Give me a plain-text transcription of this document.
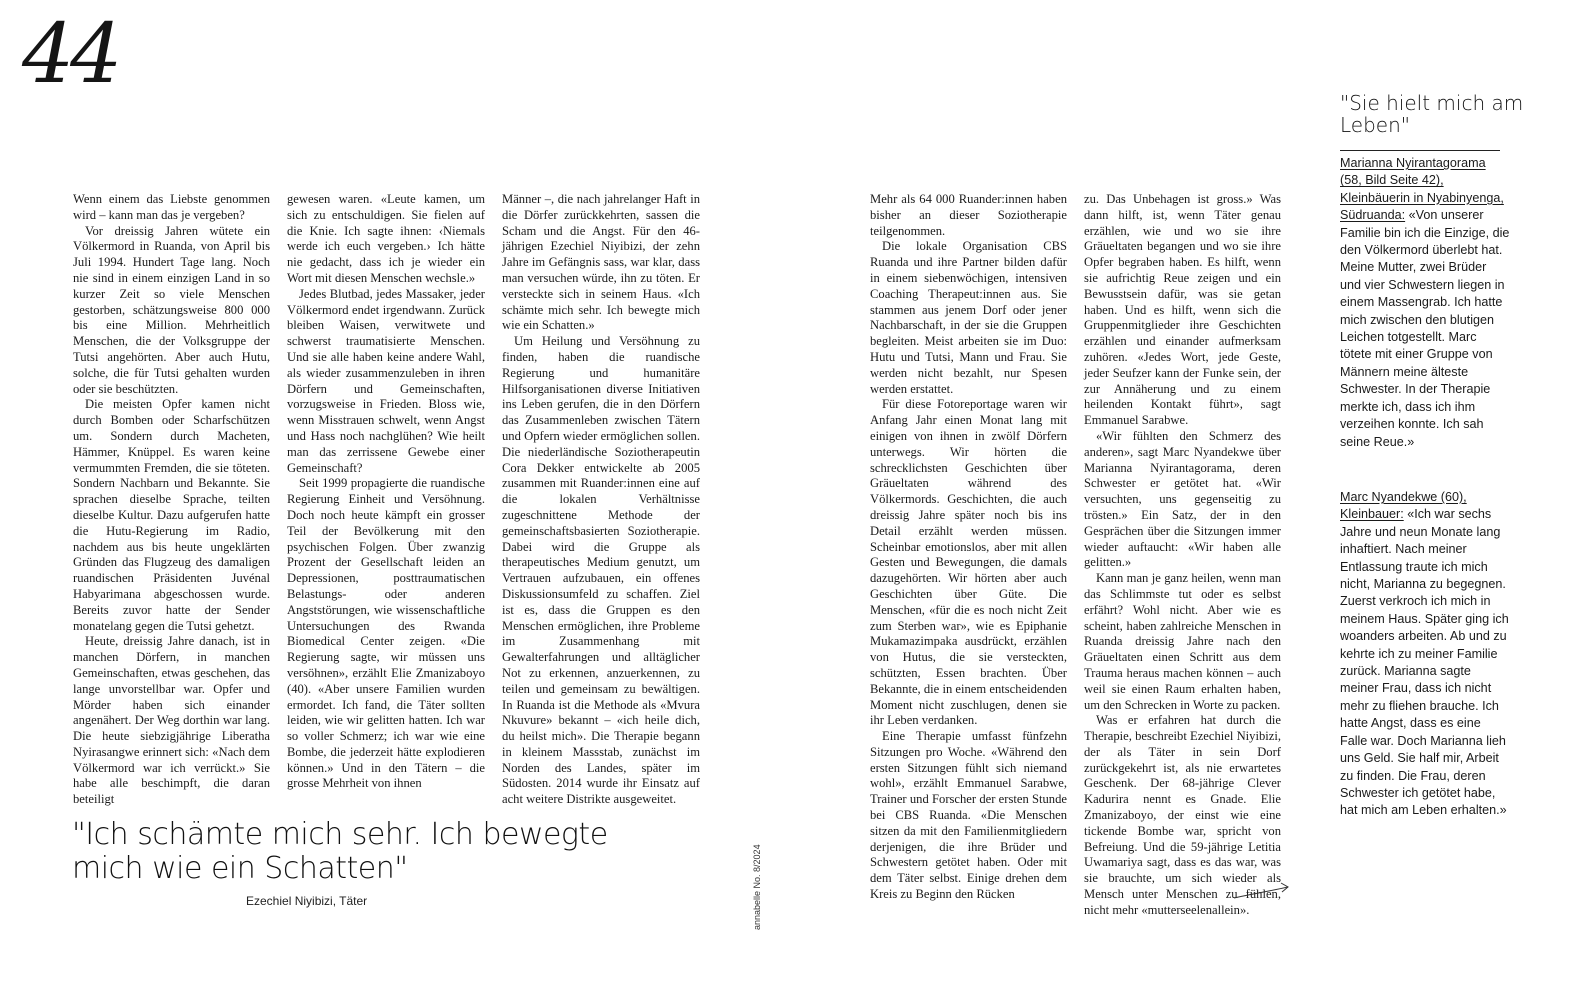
44

Wenn einem das Liebste genommen wird – kann man das je vergeben?

Vor dreissig Jahren wütete ein Völkermord in Ruanda, von April bis Juli 1994. Hundert Tage lang. Noch nie sind in einem einzigen Land in so kurzer Zeit so viele Menschen gestorben, schätzungsweise 800 000 bis eine Million. Mehrheitlich Menschen, die der Volksgruppe der Tutsi angehörten. Aber auch Hutu, solche, die für Tutsi gehalten wurden oder sie beschützten.

Die meisten Opfer kamen nicht durch Bomben oder Scharfschützen um. Sondern durch Macheten, Hämmer, Knüppel. Es waren keine vermummten Fremden, die sie töteten. Sondern Nachbarn und Bekannte. Sie sprachen dieselbe Sprache, teilten dieselbe Kultur. Dazu aufgerufen hatte die Hutu-Regierung im Radio, nachdem aus bis heute ungeklärten Gründen das Flugzeug des damaligen ruandischen Präsidenten Juvénal Habyarimana abgeschossen wurde. Bereits zuvor hatte der Sender monatelang gegen die Tutsi gehetzt.

Heute, dreissig Jahre danach, ist in manchen Dörfern, in manchen Gemeinschaften, etwas geschehen, das lange unvorstellbar war. Opfer und Mörder haben sich einander angenähert. Der Weg dorthin war lang. Die heute siebzigjährige Liberatha Nyirasangwe erinnert sich: «Nach dem Völkermord war ich verrückt.» Sie habe alle beschimpft, die daran beteiligt

gewesen waren. «Leute kamen, um sich zu entschuldigen. Sie fielen auf die Knie. Ich sagte ihnen: ‹Niemals werde ich euch vergeben.› Ich hätte nie gedacht, dass ich je wieder ein Wort mit diesen Menschen wechsle.»

Jedes Blutbad, jedes Massaker, jeder Völkermord endet irgendwann. Zurück bleiben Waisen, verwitwete und schwerst traumatisierte Menschen. Und sie alle haben keine andere Wahl, als wieder zusammenzuleben in ihren Dörfern und Gemeinschaften, vorzugsweise in Frieden. Bloss wie, wenn Misstrauen schwelt, wenn Angst und Hass noch nachglühen? Wie heilt man das zerrissene Gewebe einer Gemeinschaft?

Seit 1999 propagierte die ruandische Regierung Einheit und Versöhnung. Doch noch heute kämpft ein grosser Teil der Bevölkerung mit den psychischen Folgen. Über zwanzig Prozent der Gesellschaft leiden an Depressionen, posttraumatischen Belastungs- oder anderen Angststörungen, wie wissenschaftliche Untersuchungen des Rwanda Biomedical Center zeigen. «Die Regierung sagte, wir müssen uns versöhnen», erzählt Elie Zmanizaboyo (40). «Aber unsere Familien wurden ermordet. Ich fand, die Täter sollten leiden, wie wir gelitten hatten. Ich war so voller Schmerz; ich war wie eine Bombe, die jederzeit hätte explodieren können.» Und in den Tätern – die grosse Mehrheit von ihnen

Männer –, die nach jahrelanger Haft in die Dörfer zurückkehrten, sassen die Scham und die Angst. Für den 46-jährigen Ezechiel Niyibizi, der zehn Jahre im Gefängnis sass, war klar, dass man versuchen würde, ihn zu töten. Er versteckte sich in seinem Haus. «Ich schämte mich sehr. Ich bewegte mich wie ein Schatten.»

Um Heilung und Versöhnung zu finden, haben die ruandische Regierung und humanitäre Hilfsorganisationen diverse Initiativen ins Leben gerufen, die in den Dörfern das Zusammenleben zwischen Tätern und Opfern wieder ermöglichen sollen. Die niederländische Soziotherapeutin Cora Dekker entwickelte ab 2005 zusammen mit Ruander:innen eine auf die lokalen Verhältnisse zugeschnittene Methode der gemeinschaftsbasierten Soziotherapie. Dabei wird die Gruppe als therapeutisches Medium genutzt, um Vertrauen aufzubauen, ein offenes Diskussionsumfeld zu schaffen. Ziel ist es, dass die Gruppen es den Menschen ermöglichen, ihre Probleme im Zusammenhang mit Gewalterfahrungen und alltäglicher Not zu erkennen, anzuerkennen, zu teilen und gemeinsam zu bewältigen. In Ruanda ist die Methode als «Mvura Nkuvure» bekannt – «ich heile dich, du heilst mich». Die Therapie begann in kleinem Massstab, zunächst im Norden des Landes, später im Südosten. 2014 wurde ihr Einsatz auf acht weitere Distrikte ausgeweitet.

Mehr als 64 000 Ruander:innen haben bisher an dieser Soziotherapie teilgenommen.

Die lokale Organisation CBS Ruanda und ihre Partner bilden dafür in einem siebenwöchigen, intensiven Coaching Therapeut:innen aus. Sie stammen aus jenem Dorf oder jener Nachbarschaft, in der sie die Gruppen begleiten. Meist arbeiten sie im Duo: Hutu und Tutsi, Mann und Frau. Sie werden nicht bezahlt, nur Spesen werden erstattet.

Für diese Fotoreportage waren wir Anfang Jahr einen Monat lang mit einigen von ihnen in zwölf Dörfern unterwegs. Wir hörten die schrecklichsten Geschichten über Gräueltaten während des Völkermords. Geschichten, die auch dreissig Jahre später noch bis ins Detail erzählt werden müssen. Scheinbar emotionslos, aber mit allen Gesten und Bewegungen, die damals dazugehörten. Wir hörten aber auch Geschichten über Güte. Die Menschen, «für die es noch nicht Zeit zum Sterben war», wie es Epiphanie Mukamazimpaka ausdrückt, erzählen von Hutus, die sie versteckten, schützten, Essen brachten. Über Bekannte, die in einem entscheidenden Moment nicht zuschlugen, denen sie ihr Leben verdanken.

Eine Therapie umfasst fünfzehn Sitzungen pro Woche. «Während den ersten Sitzungen fühlt sich niemand wohl», erzählt Emmanuel Sarabwe, Trainer und Forscher der ersten Stunde bei CBS Ruanda. «Die Menschen sitzen da mit den Familienmitgliedern derjenigen, die ihre Brüder und Schwestern getötet haben. Oder mit dem Täter selbst. Einige drehen dem Kreis zu Beginn den Rücken

zu. Das Unbehagen ist gross.» Was dann hilft, ist, wenn Täter genau erzählen, wie und wo sie ihre Gräueltaten begangen und wo sie ihre Opfer begraben haben. Es hilft, wenn sie aufrichtig Reue zeigen und ein Bewusstsein dafür, was sie getan haben. Und es hilft, wenn sich die Gruppenmitglieder ihre Geschichten erzählen und einander aufmerksam zuhören. «Jedes Wort, jede Geste, jeder Seufzer kann der Funke sein, der zur Annäherung und zu einem heilenden Kontakt führt», sagt Emmanuel Sarabwe.

«Wir fühlten den Schmerz des anderen», sagt Marc Nyandekwe über Marianna Nyirantagorama, deren Schwester er getötet hat. «Wir versuchten, uns gegenseitig zu trösten.» Ein Satz, der in den Gesprächen über die Sitzungen immer wieder auftaucht: «Wir haben alle gelitten.»

Kann man je ganz heilen, wenn man das Schlimmste tut oder es selbst erfährt? Wohl nicht. Aber wie es scheint, haben zahlreiche Menschen in Ruanda dreissig Jahre nach den Gräueltaten einen Schritt aus dem Trauma heraus machen können – auch weil sie einen Raum erhalten haben, um den Schrecken in Worte zu packen.

Was er erfahren hat durch die Therapie, beschreibt Ezechiel Niyibizi, der als Täter in sein Dorf zurückgekehrt ist, als nie erwartetes Geschenk. Der 68-jährige Clever Kadurira nennt es Gnade. Elie Zmanizaboyo, der einst wie eine tickende Bombe war, spricht von Befreiung. Und die 59-jährige Letitia Uwamariya sagt, dass es das war, was sie brauchte, um sich wieder als Mensch unter Menschen zu fühlen, nicht mehr «mutterseelenallein».

"Ich schämte mich sehr. Ich bewegte mich wie ein Schatten"
Ezechiel Niyibizi, Täter	annabelle No. 8/2024
"Sie hielt mich am Leben"
Marianna Nyirantagorama (58, Bild Seite 42), Kleinbäuerin in Nyabinyenga, Südruanda: «Von unserer Familie bin ich die Einzige, die den Völkermord überlebt hat. Meine Mutter, zwei Brüder und vier Schwestern liegen in einem Massengrab. Ich hatte mich zwischen den blutigen Leichen totgestellt. Marc tötete mit einer Gruppe von Männern meine älteste Schwester. In der Therapie merkte ich, dass ich ihm verzeihen konnte. Ich sah seine Reue.»
Marc Nyandekwe (60), Kleinbauer: «Ich war sechs Jahre und neun Monate lang inhaftiert. Nach meiner Entlassung traute ich mich nicht, Marianna zu begegnen. Zuerst verkroch ich mich in meinem Haus. Später ging ich woanders arbeiten. Ab und zu kehrte ich zu meiner Familie zurück. Marianna sagte meiner Frau, dass ich nicht mehr zu fliehen brauche. Ich hatte Angst, dass es eine Falle war. Doch Marianna lieh uns Geld. Sie half mir, Arbeit zu finden. Die Frau, deren Schwester ich getötet habe, hat mich am Leben erhalten.»
